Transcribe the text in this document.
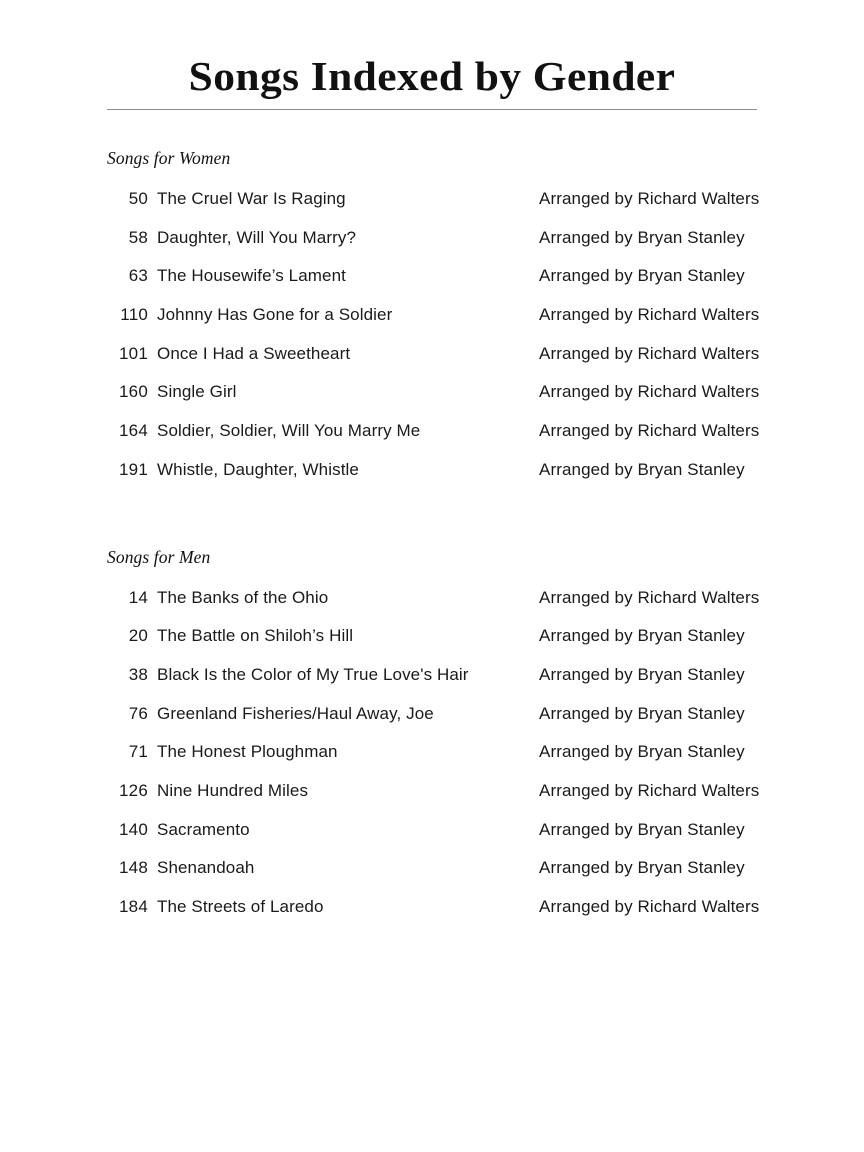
Songs Indexed by Gender
Songs for Women
50 The Cruel War Is Raging	Arranged by Richard Walters
58 Daughter, Will You Marry?	Arranged by Bryan Stanley
63 The Housewife’s Lament	Arranged by Bryan Stanley
110 Johnny Has Gone for a Soldier	Arranged by Richard Walters
101 Once I Had a Sweetheart	Arranged by Richard Walters
160 Single Girl	Arranged by Richard Walters
164 Soldier, Soldier, Will You Marry Me	Arranged by Richard Walters
191 Whistle, Daughter, Whistle	Arranged by Bryan Stanley
Songs for Men
14 The Banks of the Ohio	Arranged by Richard Walters
20 The Battle on Shiloh’s Hill	Arranged by Bryan Stanley
38 Black Is the Color of My True Love's Hair	Arranged by Bryan Stanley
76 Greenland Fisheries/Haul Away, Joe	Arranged by Bryan Stanley
71 The Honest Ploughman	Arranged by Bryan Stanley
126 Nine Hundred Miles	Arranged by Richard Walters
140 Sacramento	Arranged by Bryan Stanley
148 Shenandoah	Arranged by Bryan Stanley
184 The Streets of Laredo	Arranged by Richard Walters
